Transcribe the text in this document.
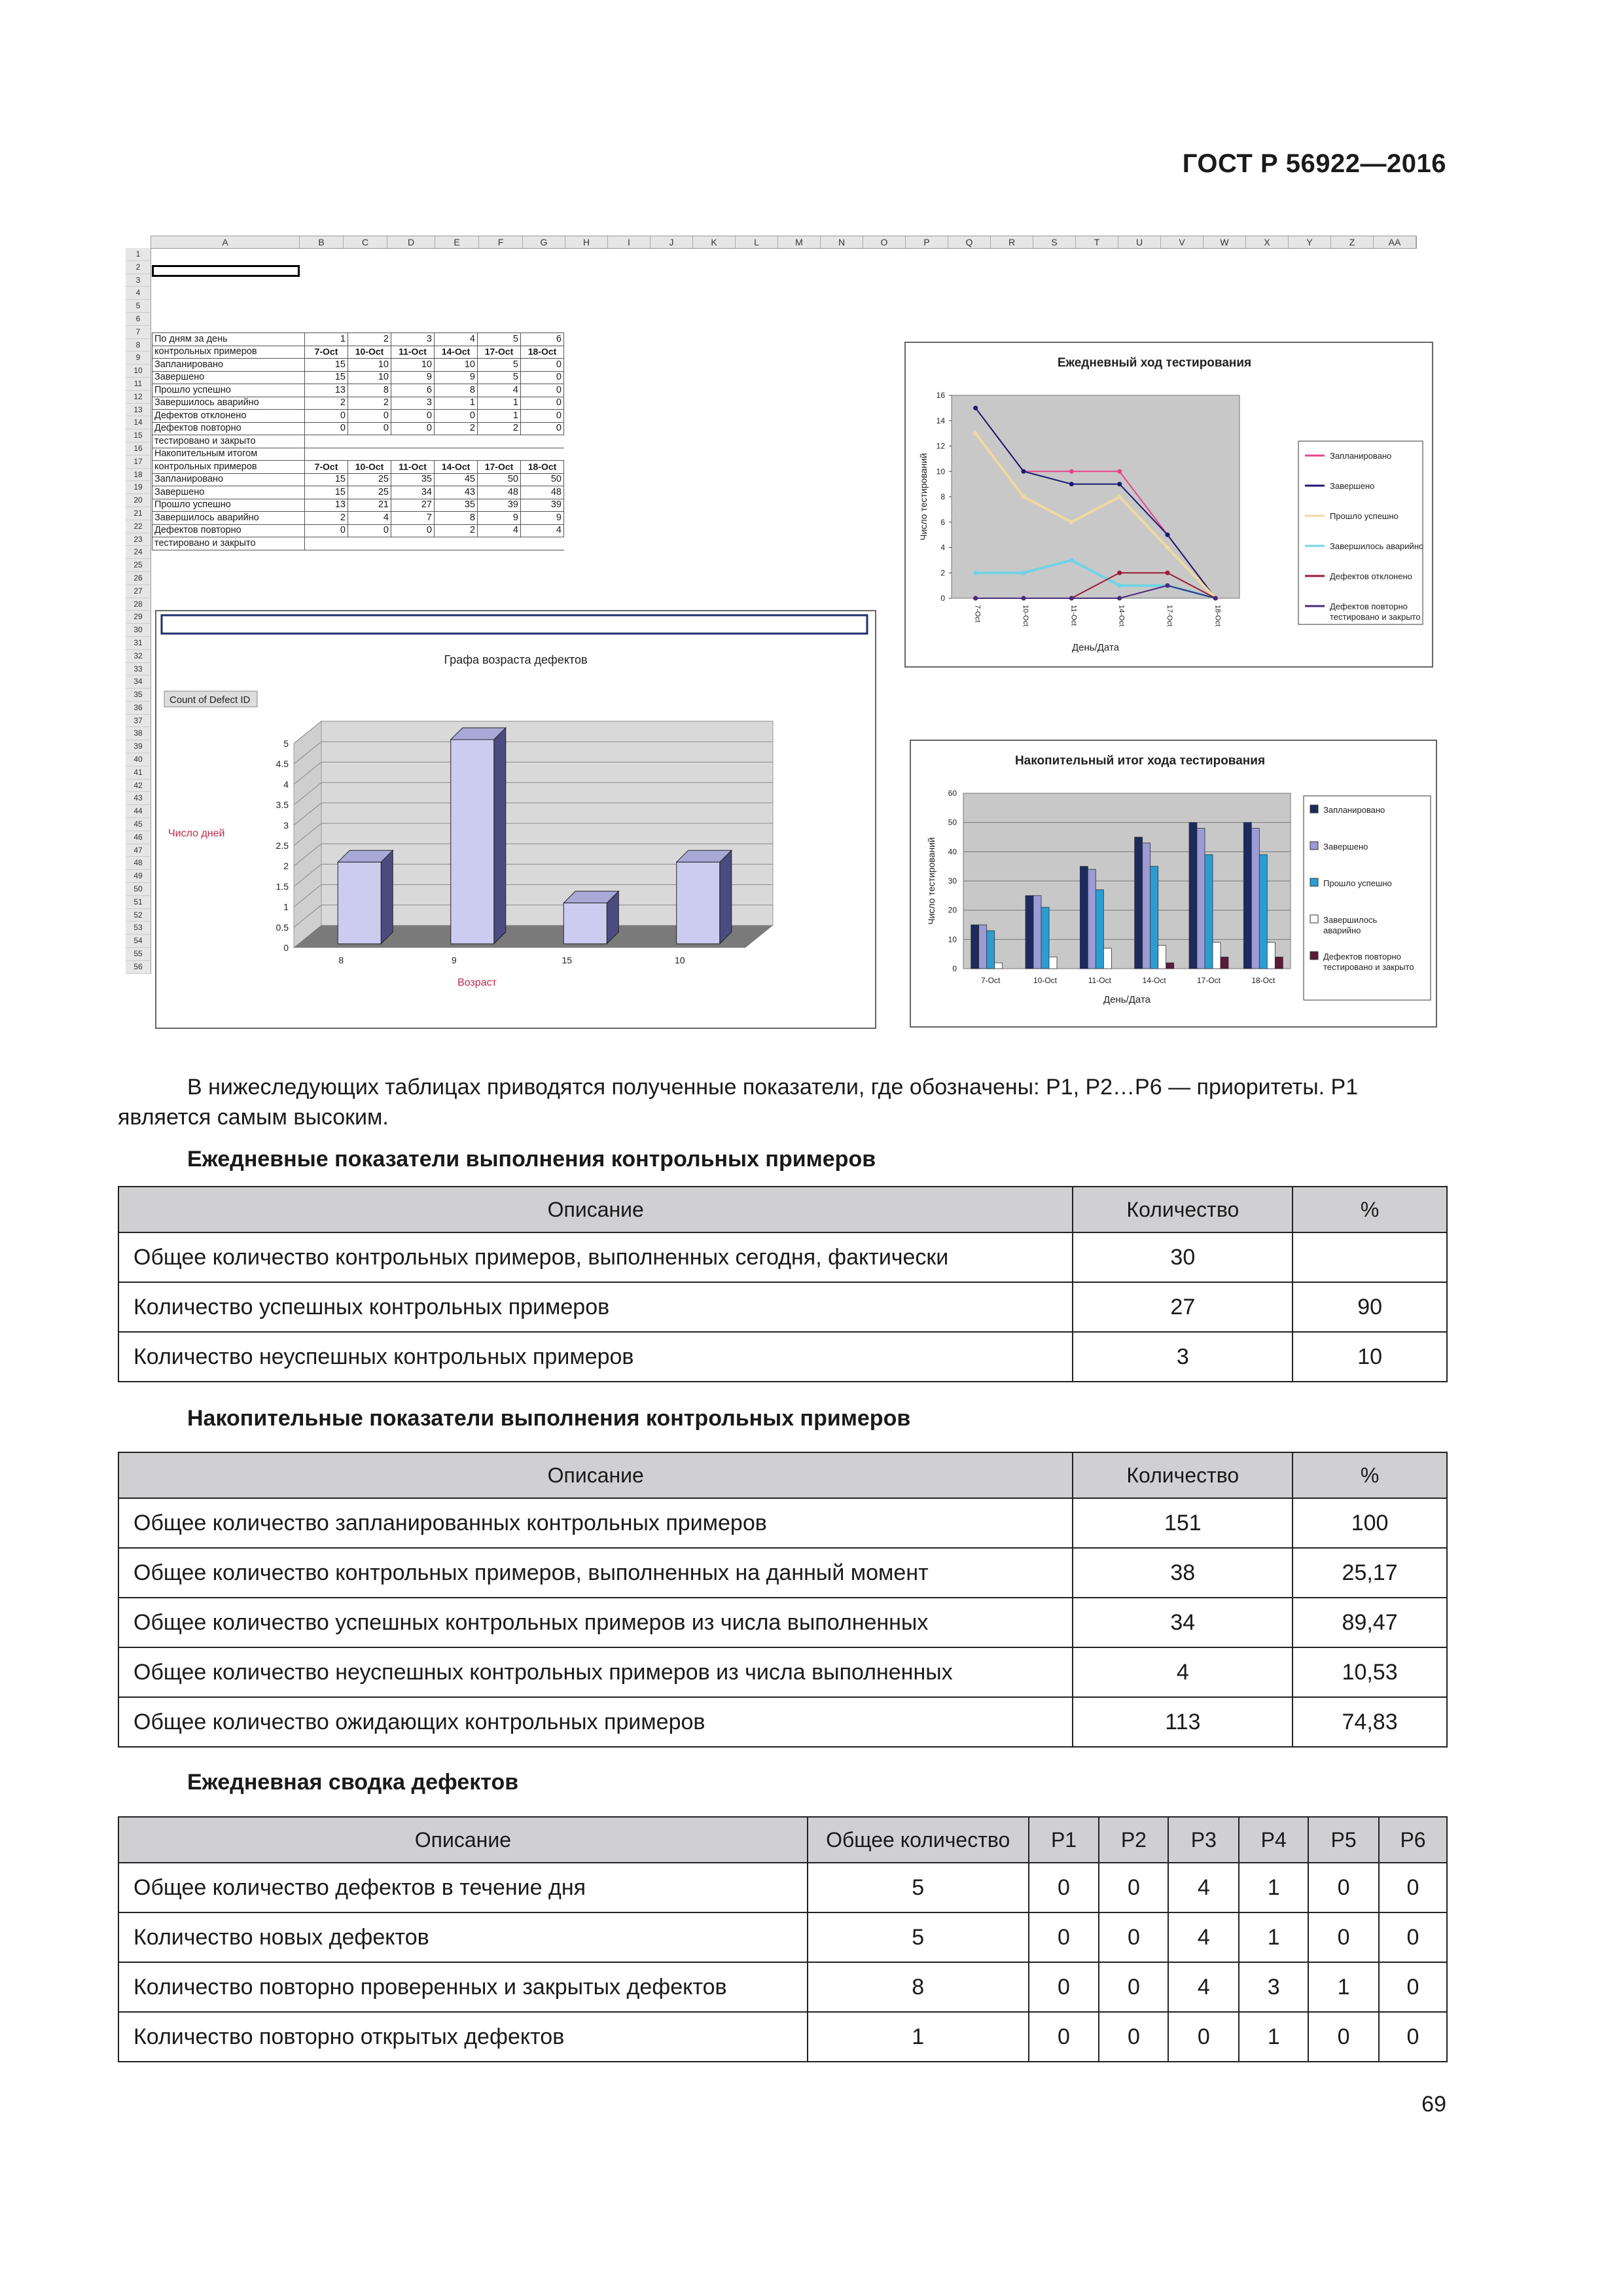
ГОСТ Р 56922—2016
A	B	C	D	E	F	G	H	I	J	K	L	M	N	O	P	Q	R	S	T	U	V	W	X	Y	Z	AA
1
2
3
4
5
6
7
8
9
10
11
12
13
14
15
16
17
18
19
20
21
22
23
24
25
26
27
28
29
30
31
32
33
34
35
36
37
38
39
40
41
42
43
44
45
46
47
48
49
50
51
52
53
54
55
56
По дням за день	1	2	3	4	5	6
контрольных примеров	7-Oct	10-Oct	11-Oct	14-Oct	17-Oct	18-Oct
Запланировано	15	10	10	10	5	0
Завершено	15	10	9	9	5	0
Прошло успешно	13	8	6	8	4	0
Завершилось аварийно	2	2	3	1	1	0
Дефектов отклонено	0	0	0	0	1	0
Дефектов повторно	0	0	0	2	2	0
тестировано и закрыто						
Накопительным итогом						
контрольных примеров	7-Oct	10-Oct	11-Oct	14-Oct	17-Oct	18-Oct
Запланировано	15	25	35	45	50	50
Завершено	15	25	34	43	48	48
Прошло успешно	13	21	27	35	39	39
Завершилось аварийно	2	4	7	8	9	9
Дефектов повторно	0	0	0	2	4	4
тестировано и закрыто						
Графа возраста дефектов
Count of Defect ID
0
0.5
1
1.5
2
2.5
3
3.5
4
4.5
5
8	9	15	10
Число дней
Возраст
Ежедневный ход тестирования
0
2
4
6
8
10
12
14
16
7-Oct	10-Oct	11-Oct	14-Oct	17-Oct	18-Oct
Число тестирований
День/Дата
Запланировано
Завершено
Прошло успешно
Завершилось аварийно
Дефектов отклонено
Дефектов повторно
тестировано и закрыто
Накопительный итог хода тестирования
0
10
20
30
40
50
60
7-Oct	10-Oct	11-Oct	14-Oct	17-Oct	18-Oct
Число тестирований
День/Дата
Запланировано
Завершено
Прошло успешно
Завершилось
аварийно
Дефектов повторно
тестировано и закрыто
В нижеследующих таблицах приводятся полученные показатели, где обозначены: P1, P2…P6 — приоритеты. P1 является самым высоким.
Ежедневные показатели выполнения контрольных примеров
Описание	Количество	%
Общее количество контрольных примеров, выполненных сегодня, фактически	30	
Количество успешных контрольных примеров	27	90
Количество неуспешных контрольных примеров	3	10
Накопительные показатели выполнения контрольных примеров
Описание	Количество	%
Общее количество запланированных контрольных примеров	151	100
Общее количество контрольных примеров, выполненных на данный момент	38	25,17
Общее количество успешных контрольных примеров из числа выполненных	34	89,47
Общее количество неуспешных контрольных примеров из числа выполненных	4	10,53
Общее количество ожидающих контрольных примеров	113	74,83
Ежедневная сводка дефектов
Описание	Общее количество	P1	P2	P3	P4	P5	P6
Общее количество дефектов в течение дня	5	0	0	4	1	0	0
Количество новых дефектов	5	0	0	4	1	0	0
Количество повторно проверенных и закрытых дефектов	8	0	0	4	3	1	0
Количество повторно открытых дефектов	1	0	0	0	1	0	0
69
